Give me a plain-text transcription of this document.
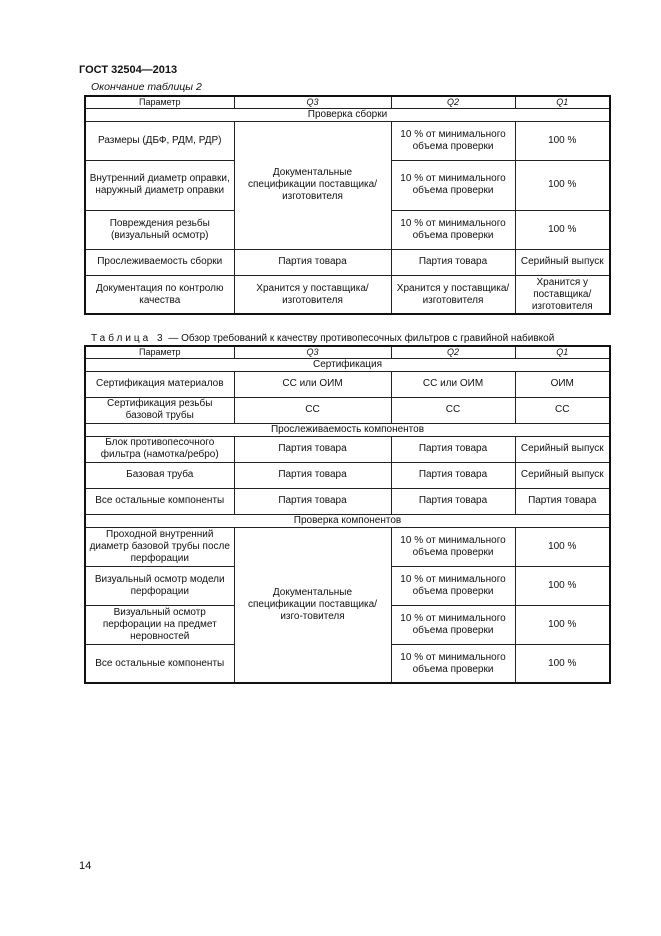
ГОСТ 32504—2013
Окончание таблицы 2
Параметр	Q3	Q2	Q1
Проверка сборки			
Размеры (ДБФ, РДМ, РДР)	Документальные спецификации поставщика/ изготовителя	10 % от минимального объема проверки	100 %
Внутренний диаметр оправки, наружный диаметр оправки		10 % от минимального объема проверки	100 %
Повреждения резьбы (визуальный осмотр)		10 % от минимального объема проверки	100 %
Прослеживаемость сборки	Партия товара	Партия товара	Серийный выпуск
Документация по контролю качества	Хранится у поставщика/ изготовителя	Хранится у поставщика/ изготовителя	Хранится у поставщика/ изготовителя
Таблица 3 — Обзор требований к качеству противопесочных фильтров с гравийной набивкой
Параметр	Q3	Q2	Q1
Сертификация			
Сертификация материалов	СС или ОИМ	СС или ОИМ	ОИМ
Сертификация резьбы базовой трубы	СС	СС	СС
Прослеживаемость компонентов			
Блок противопесочного фильтра (намотка/ребро)	Партия товара	Партия товара	Серийный выпуск
Базовая труба	Партия товара	Партия товара	Серийный выпуск
Все остальные компоненты	Партия товара	Партия товара	Партия товара
Проверка компонентов			
Проходной внутренний диаметр базовой трубы после перфорации	Документальные спецификации поставщика/изго-товителя	10 % от минимального объема проверки	100 %
Визуальный осмотр модели перфорации		10 % от минимального объема проверки	100 %
Визуальный осмотр перфорации на предмет неровностей		10 % от минимального объема проверки	100 %
Все остальные компоненты		10 % от минимального объема проверки	100 %
14
